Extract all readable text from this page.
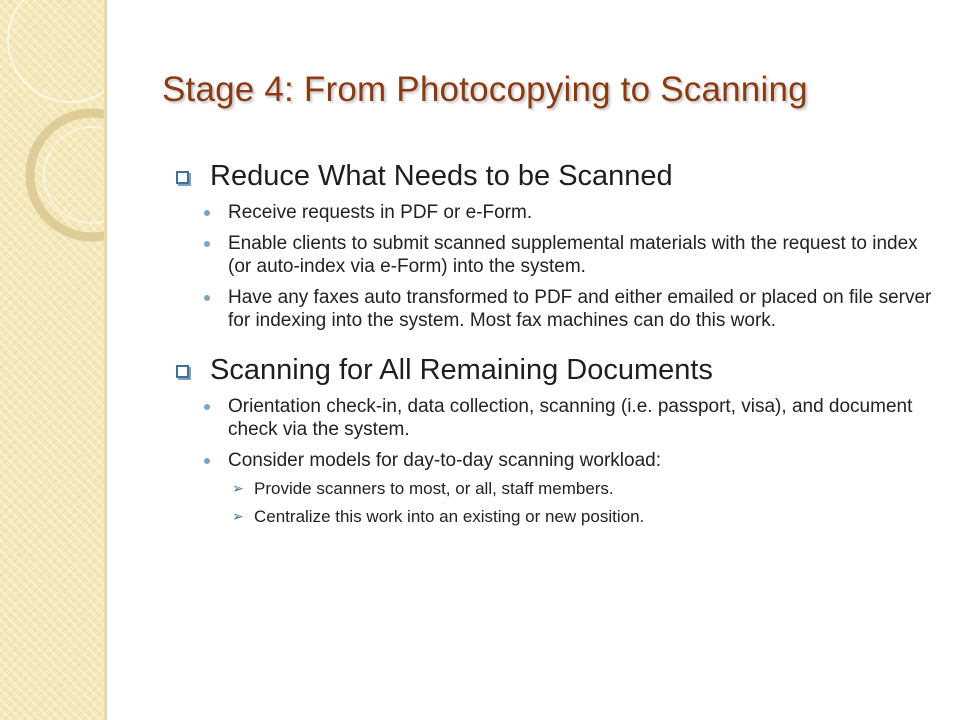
Stage 4: From Photocopying to Scanning
Reduce What Needs to be Scanned
Receive requests in PDF or e-Form.
Enable clients to submit scanned supplemental materials with the request to index (or auto-index via e-Form) into the system.
Have any faxes auto transformed to PDF and either emailed or placed on file server for indexing into the system. Most fax machines can do this work.
Scanning for All Remaining Documents
Orientation check-in, data collection, scanning (i.e. passport, visa), and document check via the system.
Consider models for day-to-day scanning workload:
➢ Provide scanners to most, or all, staff members.
➢ Centralize this work into an existing or new position.
